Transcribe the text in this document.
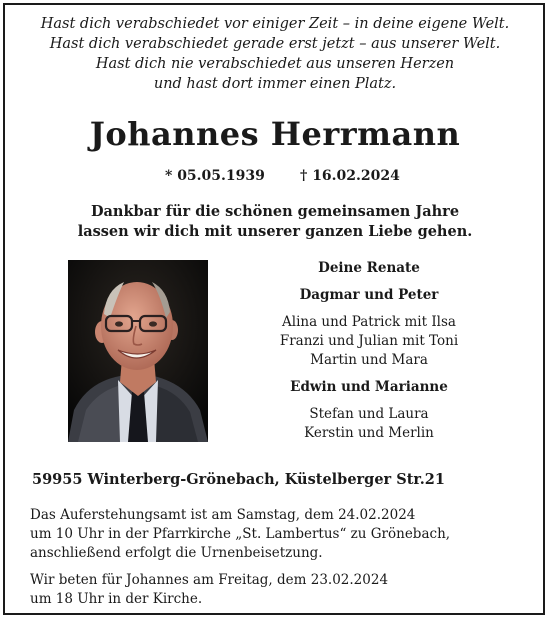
Hast dich verabschiedet vor einiger Zeit – in deine eigene Welt.
Hast dich verabschiedet gerade erst jetzt – aus unserer Welt.
Hast dich nie verabschiedet aus unseren Herzen
und hast dort immer einen Platz.
Johannes Herrmann
* 05.05.1939	† 16.02.2024
Dankbar für die schönen gemeinsamen Jahre
lassen wir dich mit unserer ganzen Liebe gehen.
Deine Renate
Dagmar und Peter
Alina und Patrick mit Ilsa
Franzi und Julian mit Toni
Martin und Mara
Edwin und Marianne
Stefan und Laura
Kerstin und Merlin
59955 Winterberg-Grönebach, Küstelberger Str.21
Das Auferstehungsamt ist am Samstag, dem 24.02.2024
um 10 Uhr in der Pfarrkirche „St. Lambertus“ zu Grönebach,
anschließend erfolgt die Urnenbeisetzung.
Wir beten für Johannes am Freitag, dem 23.02.2024
um 18 Uhr in der Kirche.
